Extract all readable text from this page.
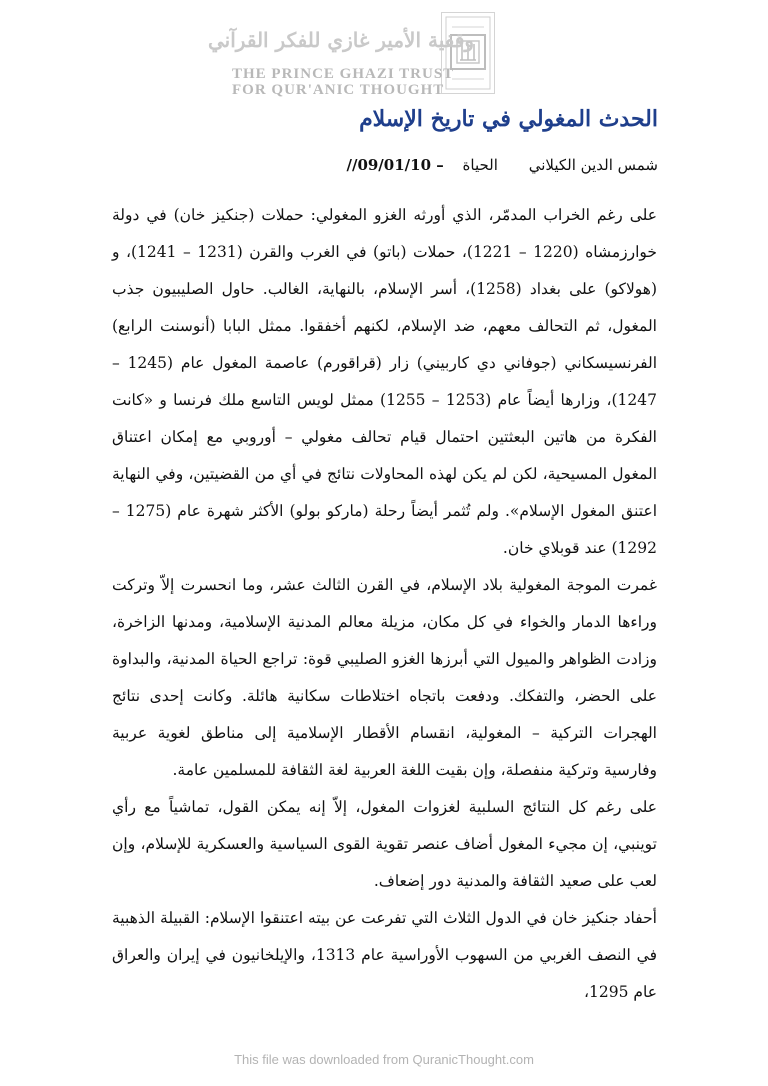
وقفية الأمير غازي للفكر القرآني
THE PRINCE GHAZI TRUST
FOR QUR'ANIC THOUGHT
الحدث المغولي في تاريخ الإسلام
شمس الدين الكيلاني الحياة – 09/01/10//

على رغم الخراب المدمّر، الذي أورثه الغزو المغولي: حملات (جنكيز خان) في دولة خوارزمشاه (1220 – 1221)، حملات (باتو) في الغرب والقرن (1231 – 1241)، و (هولاكو) على بغداد (1258)، أسر الإسلام، بالنهاية، الغالب. حاول الصليبيون جذب المغول، ثم التحالف معهم، ضد الإسلام، لكنهم أخفقوا. ممثل البابا (أنوسنت الرابع) الفرنسيسكاني (جوفاني دي كاربيني) زار (قراقورم) عاصمة المغول عام (1245 – 1247)، وزارها أيضاً عام (1253 – 1255) ممثل لويس التاسع ملك فرنسا و «كانت الفكرة من هاتين البعثتين احتمال قيام تحالف مغولي – أوروبي مع إمكان اعتناق المغول المسيحية، لكن لم يكن لهذه المحاولات نتائج في أي من القضيتين، وفي النهاية اعتنق المغول الإسلام». ولم تُثمر أيضاً رحلة (ماركو بولو) الأكثر شهرة عام (1275 – 1292) عند قوبلاي خان.

غمرت الموجة المغولية بلاد الإسلام، في القرن الثالث عشر، وما انحسرت إلاّ وتركت وراءها الدمار والخواء في كل مكان، مزيلة معالم المدنية الإسلامية، ومدنها الزاخرة، وزادت الظواهر والميول التي أبرزها الغزو الصليبي قوة: تراجع الحياة المدنية، والبداوة على الحضر، والتفكك. ودفعت باتجاه اختلاطات سكانية هائلة. وكانت إحدى نتائج الهجرات التركية – المغولية، انقسام الأقطار الإسلامية إلى مناطق لغوية عربية وفارسية وتركية منفصلة، وإن بقيت اللغة العربية لغة الثقافة للمسلمين عامة.

على رغم كل النتائج السلبية لغزوات المغول، إلاّ إنه يمكن القول، تماشياً مع رأي توينبي، إن مجيء المغول أضاف عنصر تقوية القوى السياسية والعسكرية للإسلام، وإن لعب على صعيد الثقافة والمدنية دور إضعاف.

أحفاد جنكيز خان في الدول الثلاث التي تفرعت عن بيته اعتنقوا الإسلام: القبيلة الذهبية في النصف الغربي من السهوب الأوراسية عام 1313، والإيلخانيون في إيران والعراق عام 1295،

This file was downloaded from QuranicThought.com
